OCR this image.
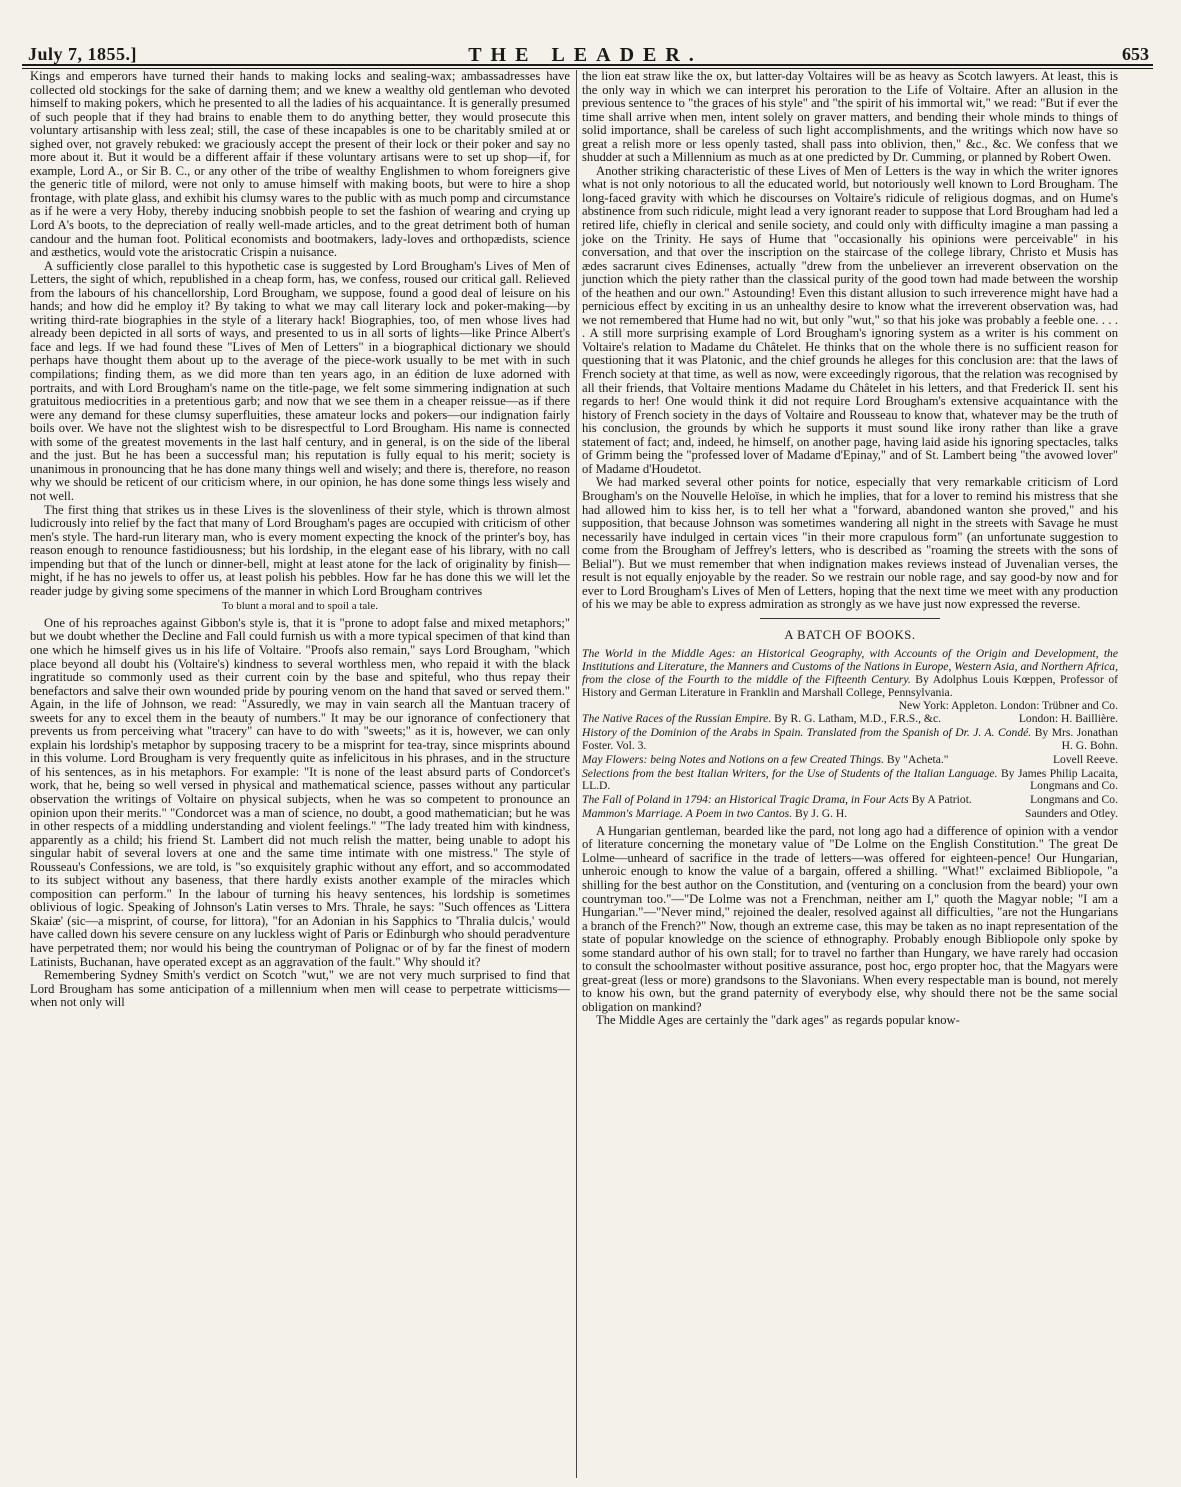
July 7, 1855.]	THE LEADER.	653

Kings and emperors have turned their hands to making locks and sealing-wax; ambassadresses have collected old stockings for the sake of darning them; and we knew a wealthy old gentleman who devoted himself to making pokers, which he presented to all the ladies of his acquaintance. It is generally presumed of such people that if they had brains to enable them to do anything better, they would prosecute this voluntary artisanship with less zeal; still, the case of these incapables is one to be charitably smiled at or sighed over, not gravely rebuked: we graciously accept the present of their lock or their poker and say no more about it. But it would be a different affair if these voluntary artisans were to set up shop—if, for example, Lord A., or Sir B. C., or any other of the tribe of wealthy Englishmen to whom foreigners give the generic title of milord, were not only to amuse himself with making boots, but were to hire a shop frontage, with plate glass, and exhibit his clumsy wares to the public with as much pomp and circumstance as if he were a very Hoby, thereby inducing snobbish people to set the fashion of wearing and crying up Lord A's boots, to the depreciation of really well-made articles, and to the great detriment both of human candour and the human foot. Political economists and bootmakers, lady-loves and orthopædists, science and æsthetics, would vote the aristocratic Crispin a nuisance.

A sufficiently close parallel to this hypothetic case is suggested by Lord Brougham's Lives of Men of Letters, the sight of which, republished in a cheap form, has, we confess, roused our critical gall. Relieved from the labours of his chancellorship, Lord Brougham, we suppose, found a good deal of leisure on his hands; and how did he employ it? By taking to what we may call literary lock and poker-making—by writing third-rate biographies in the style of a literary hack! Biographies, too, of men whose lives had already been depicted in all sorts of ways, and presented to us in all sorts of lights—like Prince Albert's face and legs. If we had found these "Lives of Men of Letters" in a biographical dictionary we should perhaps have thought them about up to the average of the piece-work usually to be met with in such compilations; finding them, as we did more than ten years ago, in an édition de luxe adorned with portraits, and with Lord Brougham's name on the title-page, we felt some simmering indignation at such gratuitous mediocrities in a pretentious garb; and now that we see them in a cheaper reissue—as if there were any demand for these clumsy superfluities, these amateur locks and pokers—our indignation fairly boils over. We have not the slightest wish to be disrespectful to Lord Brougham. His name is connected with some of the greatest movements in the last half century, and in general, is on the side of the liberal and the just. But he has been a successful man; his reputation is fully equal to his merit; society is unanimous in pronouncing that he has done many things well and wisely; and there is, therefore, no reason why we should be reticent of our criticism where, in our opinion, he has done some things less wisely and not well.

The first thing that strikes us in these Lives is the slovenliness of their style, which is thrown almost ludicrously into relief by the fact that many of Lord Brougham's pages are occupied with criticism of other men's style. The hard-run literary man, who is every moment expecting the knock of the printer's boy, has reason enough to renounce fastidiousness; but his lordship, in the elegant ease of his library, with no call impending but that of the lunch or dinner-bell, might at least atone for the lack of originality by finish—might, if he has no jewels to offer us, at least polish his pebbles. How far he has done this we will let the reader judge by giving some specimens of the manner in which Lord Brougham contrives

To blunt a moral and to spoil a tale.

One of his reproaches against Gibbon's style is, that it is "prone to adopt false and mixed metaphors;" but we doubt whether the Decline and Fall could furnish us with a more typical specimen of that kind than one which he himself gives us in his life of Voltaire. "Proofs also remain," says Lord Brougham, "which place beyond all doubt his (Voltaire's) kindness to several worthless men, who repaid it with the black ingratitude so commonly used as their current coin by the base and spiteful, who thus repay their benefactors and salve their own wounded pride by pouring venom on the hand that saved or served them." Again, in the life of Johnson, we read: "Assuredly, we may in vain search all the Mantuan tracery of sweets for any to excel them in the beauty of numbers." It may be our ignorance of confectionery that prevents us from perceiving what "tracery" can have to do with "sweets;" as it is, however, we can only explain his lordship's metaphor by supposing tracery to be a misprint for tea-tray, since misprints abound in this volume. Lord Brougham is very frequently quite as infelicitous in his phrases, and in the structure of his sentences, as in his metaphors. For example: "It is none of the least absurd parts of Condorcet's work, that he, being so well versed in physical and mathematical science, passes without any particular observation the writings of Voltaire on physical subjects, when he was so competent to pronounce an opinion upon their merits." "Condorcet was a man of science, no doubt, a good mathematician; but he was in other respects of a middling understanding and violent feelings." "The lady treated him with kindness, apparently as a child; his friend St. Lambert did not much relish the matter, being unable to adopt his singular habit of several lovers at one and the same time intimate with one mistress." The style of Rousseau's Confessions, we are told, is "so exquisitely graphic without any effort, and so accommodated to its subject without any baseness, that there hardly exists another example of the miracles which composition can perform." In the labour of turning his heavy sentences, his lordship is sometimes oblivious of logic. Speaking of Johnson's Latin verses to Mrs. Thrale, he says: "Such offences as 'Littera Skaiæ' (sic—a misprint, of course, for littora), "for an Adonian in his Sapphics to 'Thralia dulcis,' would have called down his severe censure on any luckless wight of Paris or Edinburgh who should peradventure have perpetrated them; nor would his being the countryman of Polignac or of by far the finest of modern Latinists, Buchanan, have operated except as an aggravation of the fault." Why should it?

Remembering Sydney Smith's verdict on Scotch "wut," we are not very much surprised to find that Lord Brougham has some anticipation of a millennium when men will cease to perpetrate witticisms—when not only will

the lion eat straw like the ox, but latter-day Voltaires will be as heavy as Scotch lawyers. At least, this is the only way in which we can interpret his peroration to the Life of Voltaire. After an allusion in the previous sentence to "the graces of his style" and "the spirit of his immortal wit," we read: "But if ever the time shall arrive when men, intent solely on graver matters, and bending their whole minds to things of solid importance, shall be careless of such light accomplishments, and the writings which now have so great a relish more or less openly tasted, shall pass into oblivion, then," &c., &c. We confess that we shudder at such a Millennium as much as at one predicted by Dr. Cumming, or planned by Robert Owen.

Another striking characteristic of these Lives of Men of Letters is the way in which the writer ignores what is not only notorious to all the educated world, but notoriously well known to Lord Brougham. The long-faced gravity with which he discourses on Voltaire's ridicule of religious dogmas, and on Hume's abstinence from such ridicule, might lead a very ignorant reader to suppose that Lord Brougham had led a retired life, chiefly in clerical and senile society, and could only with difficulty imagine a man passing a joke on the Trinity. He says of Hume that "occasionally his opinions were perceivable" in his conversation, and that over the inscription on the staircase of the college library, Christo et Musis has ædes sacrarunt cives Edinenses, actually "drew from the unbeliever an irreverent observation on the junction which the piety rather than the classical purity of the good town had made between the worship of the heathen and our own." Astounding! Even this distant allusion to such irreverence might have had a pernicious effect by exciting in us an unhealthy desire to know what the irreverent observation was, had we not remembered that Hume had no wit, but only "wut," so that his joke was probably a feeble one. . . . . A still more surprising example of Lord Brougham's ignoring system as a writer is his comment on Voltaire's relation to Madame du Châtelet. He thinks that on the whole there is no sufficient reason for questioning that it was Platonic, and the chief grounds he alleges for this conclusion are: that the laws of French society at that time, as well as now, were exceedingly rigorous, that the relation was recognised by all their friends, that Voltaire mentions Madame du Châtelet in his letters, and that Frederick II. sent his regards to her! One would think it did not require Lord Brougham's extensive acquaintance with the history of French society in the days of Voltaire and Rousseau to know that, whatever may be the truth of his conclusion, the grounds by which he supports it must sound like irony rather than like a grave statement of fact; and, indeed, he himself, on another page, having laid aside his ignoring spectacles, talks of Grimm being the "professed lover of Madame d'Epinay," and of St. Lambert being "the avowed lover" of Madame d'Houdetot.

We had marked several other points for notice, especially that very remarkable criticism of Lord Brougham's on the Nouvelle Heloïse, in which he implies, that for a lover to remind his mistress that she had allowed him to kiss her, is to tell her what a "forward, abandoned wanton she proved," and his supposition, that because Johnson was sometimes wandering all night in the streets with Savage he must necessarily have indulged in certain vices "in their more crapulous form" (an unfortunate suggestion to come from the Brougham of Jeffrey's letters, who is described as "roaming the streets with the sons of Belial"). But we must remember that when indignation makes reviews instead of Juvenalian verses, the result is not equally enjoyable by the reader. So we restrain our noble rage, and say good-by now and for ever to Lord Brougham's Lives of Men of Letters, hoping that the next time we meet with any production of his we may be able to express admiration as strongly as we have just now expressed the reverse.

A BATCH OF BOOKS.
The World in the Middle Ages: an Historical Geography, with Accounts of the Origin and Development, the Institutions and Literature, the Manners and Customs of the Nations in Europe, Western Asia, and Northern Africa, from the close of the Fourth to the middle of the Fifteenth Century. By Adolphus Louis Kœppen, Professor of History and German Literature in Franklin and Marshall College, Pennsylvania.
New York: Appleton. London: Trübner and Co.
The Native Races of the Russian Empire. By R. G. Latham, M.D., F.R.S., &c.	London: H. Baillière.
History of the Dominion of the Arabs in Spain. Translated from the Spanish of Dr. J. A. Condé. By Mrs. Jonathan Foster. Vol. 3.	H. G. Bohn.
May Flowers: being Notes and Notions on a few Created Things. By "Acheta."	Lovell Reeve.
Selections from the best Italian Writers, for the Use of Students of the Italian Language. By James Philip Lacaita, LL.D.	Longmans and Co.
The Fall of Poland in 1794: an Historical Tragic Drama, in Four Acts By A Patriot.	Longmans and Co.
Mammon's Marriage. A Poem in two Cantos. By J. G. H.	Saunders and Otley.

A Hungarian gentleman, bearded like the pard, not long ago had a difference of opinion with a vendor of literature concerning the monetary value of "De Lolme on the English Constitution." The great De Lolme—unheard of sacrifice in the trade of letters—was offered for eighteen-pence! Our Hungarian, unheroic enough to know the value of a bargain, offered a shilling. "What!" exclaimed Bibliopole, "a shilling for the best author on the Constitution, and (venturing on a conclusion from the beard) your own countryman too."—"De Lolme was not a Frenchman, neither am I," quoth the Magyar noble; "I am a Hungarian."—"Never mind," rejoined the dealer, resolved against all difficulties, "are not the Hungarians a branch of the French?" Now, though an extreme case, this may be taken as no inapt representation of the state of popular knowledge on the science of ethnography. Probably enough Bibliopole only spoke by some standard author of his own stall; for to travel no farther than Hungary, we have rarely had occasion to consult the schoolmaster without positive assurance, post hoc, ergo propter hoc, that the Magyars were great-great (less or more) grandsons to the Slavonians. When every respectable man is bound, not merely to know his own, but the grand paternity of everybody else, why should there not be the same social obligation on mankind?

The Middle Ages are certainly the "dark ages" as regards popular know-
